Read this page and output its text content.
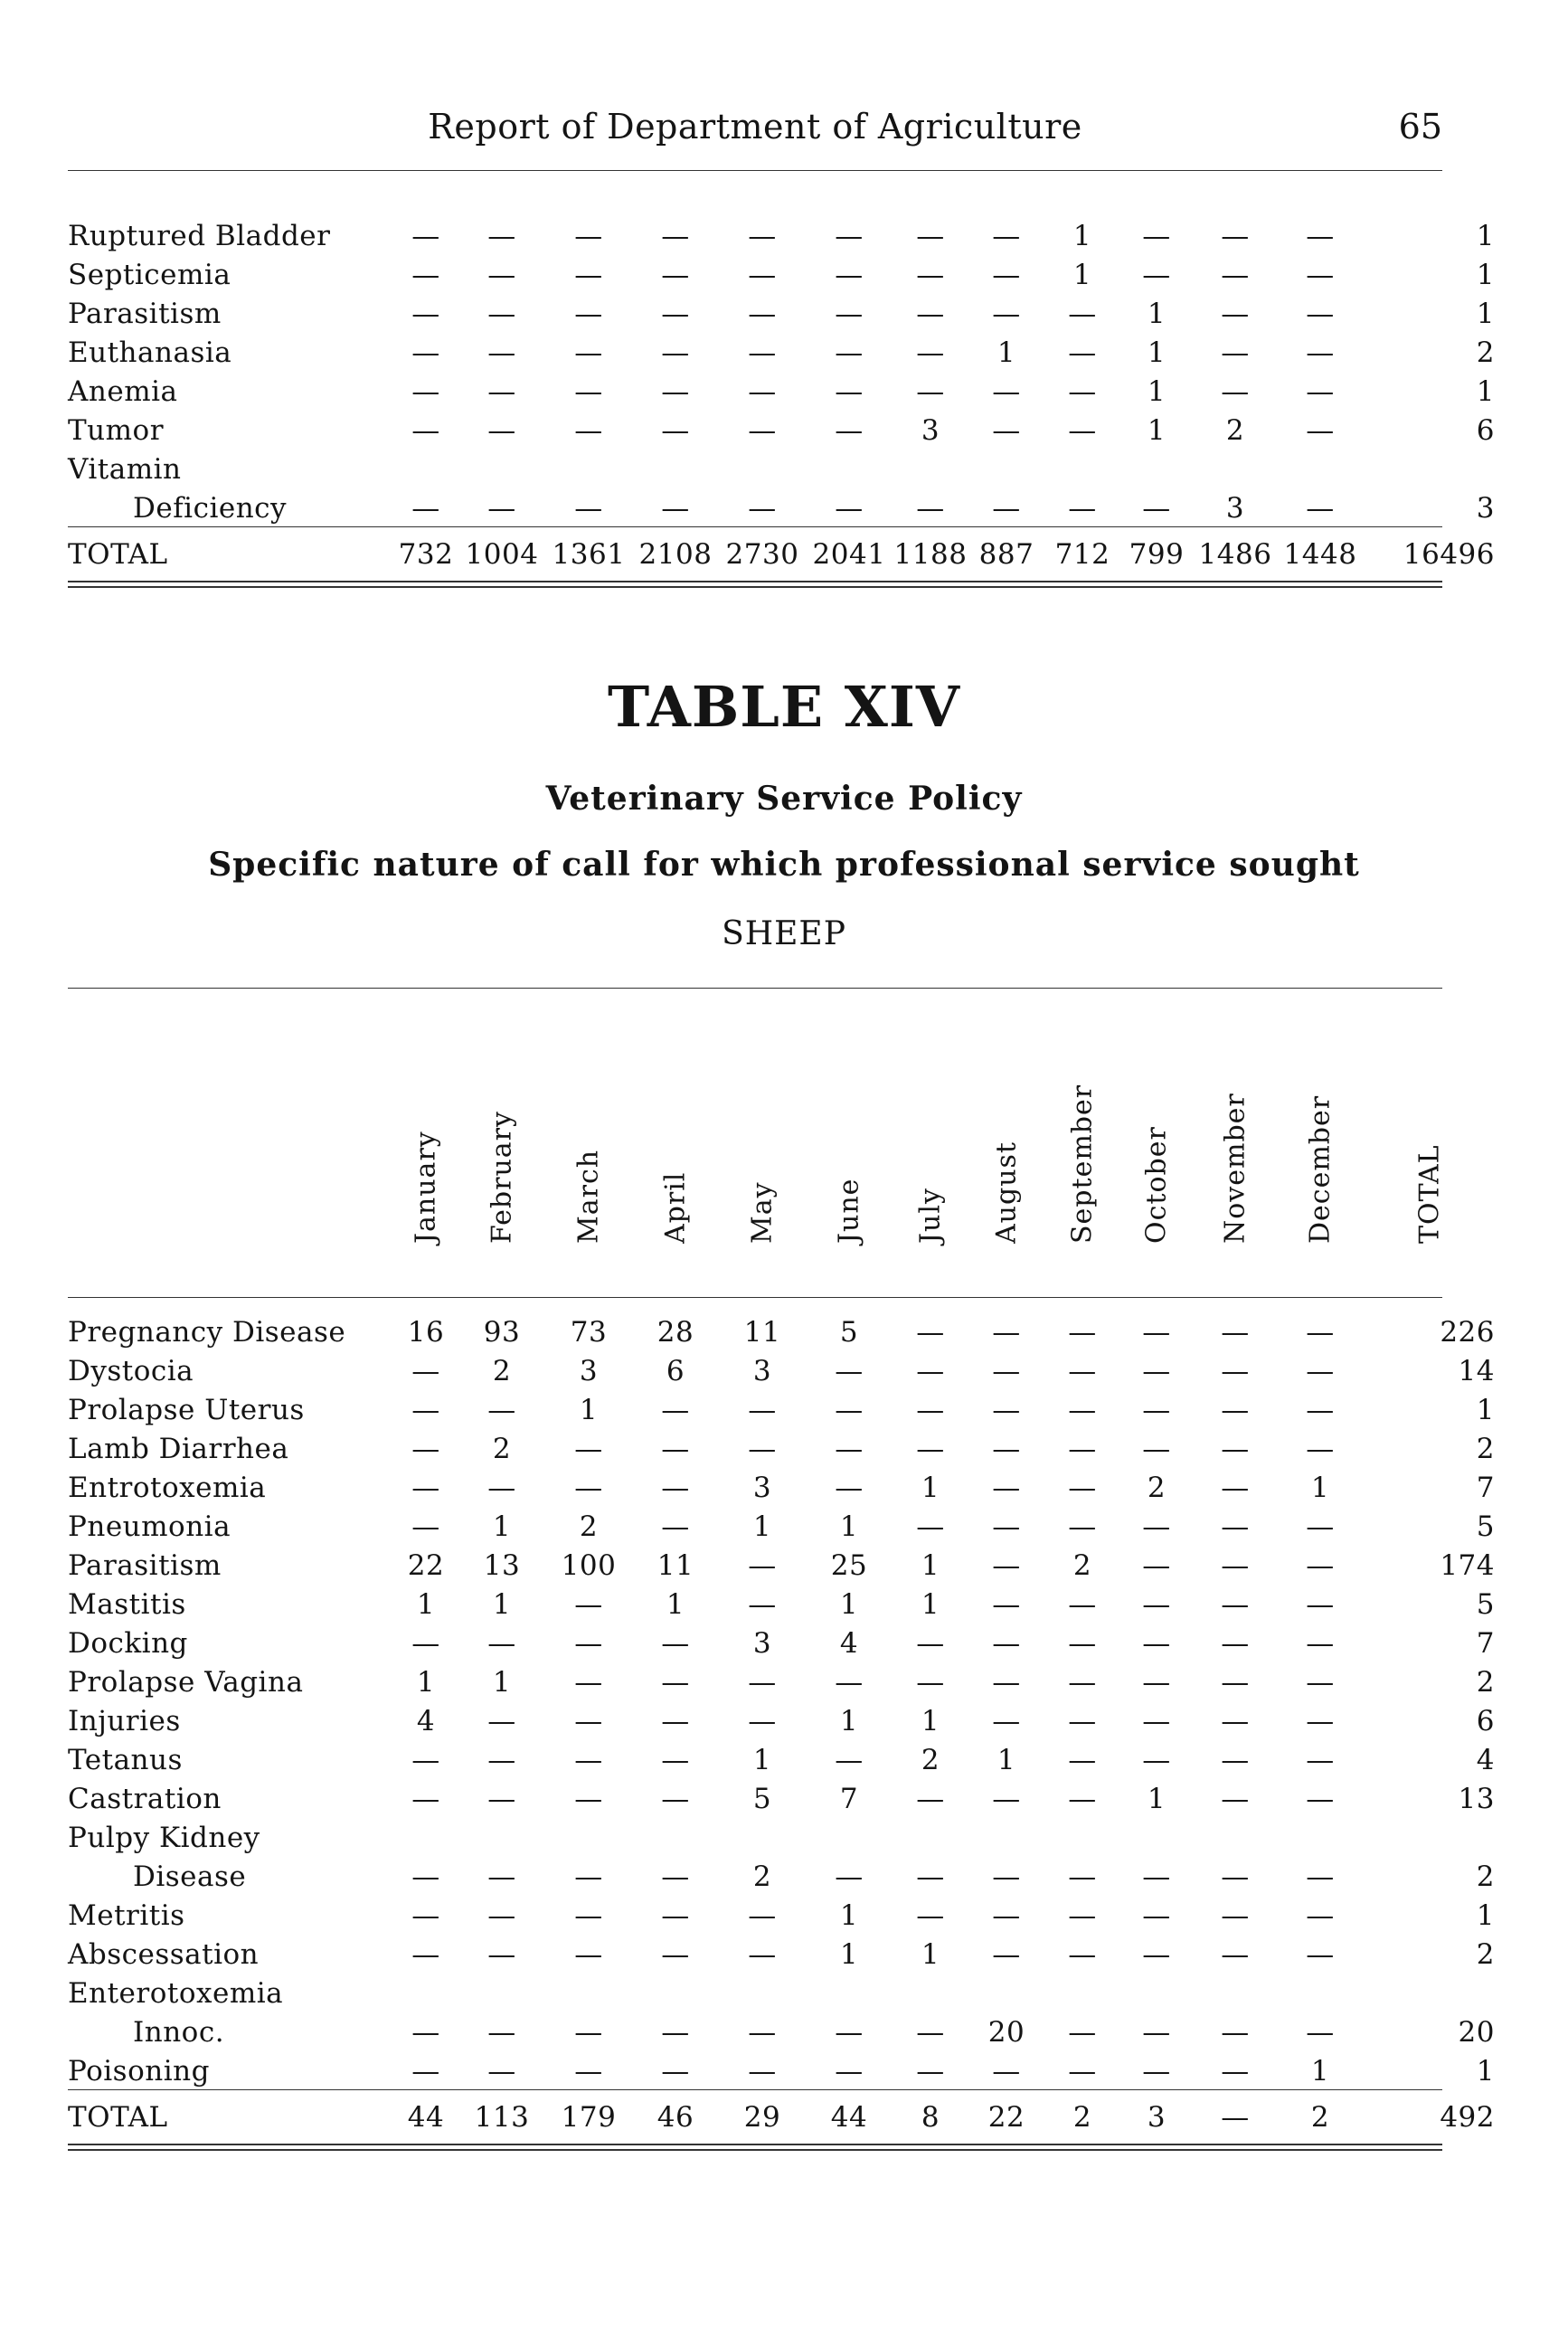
Report of Department of Agriculture	65
Ruptured Bladder	—	—	—	—	—	—	—	—	1	—	—	—	1
Septicemia	—	—	—	—	—	—	—	—	1	—	—	—	1
Parasitism	—	—	—	—	—	—	—	—	—	1	—	—	1
Euthanasia	—	—	—	—	—	—	—	1	—	1	—	—	2
Anemia	—	—	—	—	—	—	—	—	—	1	—	—	1
Tumor	—	—	—	—	—	—	3	—	—	1	2	—	6
Vitamin													
Deficiency	—	—	—	—	—	—	—	—	—	—	3	—	3
TOTAL	732	1004	1361	2108	2730	2041	1188	887	712	799	1486	1448	16496
TABLE XIV
Veterinary Service Policy
Specific nature of call for which professional service sought
SHEEP
January February March April May June July August September October November December	TOTAL
Pregnancy Disease	16	93	73	28	11	5	—	—	—	—	—	—	226
Dystocia	—	2	3	6	3	—	—	—	—	—	—	—	14
Prolapse Uterus	—	—	1	—	—	—	—	—	—	—	—	—	1
Lamb Diarrhea	—	2	—	—	—	—	—	—	—	—	—	—	2
Entrotoxemia	—	—	—	—	3	—	1	—	—	2	—	1	7
Pneumonia	—	1	2	—	1	1	—	—	—	—	—	—	5
Parasitism	22	13	100	11	—	25	1	—	2	—	—	—	174
Mastitis	1	1	—	1	—	1	1	—	—	—	—	—	5
Docking	—	—	—	—	3	4	—	—	—	—	—	—	7
Prolapse Vagina	1	1	—	—	—	—	—	—	—	—	—	—	2
Injuries	4	—	—	—	—	1	1	—	—	—	—	—	6
Tetanus	—	—	—	—	1	—	2	1	—	—	—	—	4
Castration	—	—	—	—	5	7	—	—	—	1	—	—	13
Pulpy Kidney													
Disease	—	—	—	—	2	—	—	—	—	—	—	—	2
Metritis	—	—	—	—	—	1	—	—	—	—	—	—	1
Abscessation	—	—	—	—	—	1	1	—	—	—	—	—	2
Enterotoxemia													
Innoc.	—	—	—	—	—	—	—	20	—	—	—	—	20
Poisoning	—	—	—	—	—	—	—	—	—	—	—	1	1
TOTAL	44	113	179	46	29	44	8	22	2	3	—	2	492
